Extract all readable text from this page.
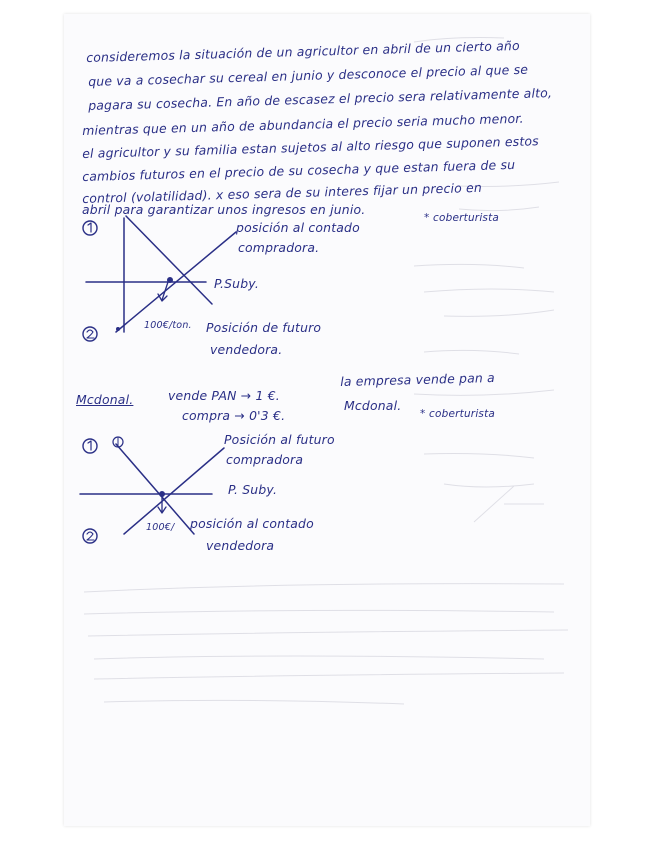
consideremos la situación de un agricultor en abril de un cierto año
que va a cosechar su cereal en junio y desconoce el precio al que se
pagara su cosecha. En año de escasez el precio sera relativamente alto,
mientras que en un año de abundancia el precio seria mucho menor.
el agricultor y su familia estan sujetos al alto riesgo que suponen estos
cambios futuros en el precio de su cosecha y que estan fuera de su
control (volatilidad). x eso sera de su interes fijar un precio en
abril para garantizar unos ingresos en junio.
posición al contado
compradora.
* coberturista
P.Suby.
100€/ton. Posición de futuro
vendedora.
Mcdonal.	vende PAN → 1 €.
compra → 0'3 €.
la empresa vende pan a
Mcdonal.
* coberturista
Posición al futuro
compradora
P. Suby.
100€/ posición al contado
vendedora
